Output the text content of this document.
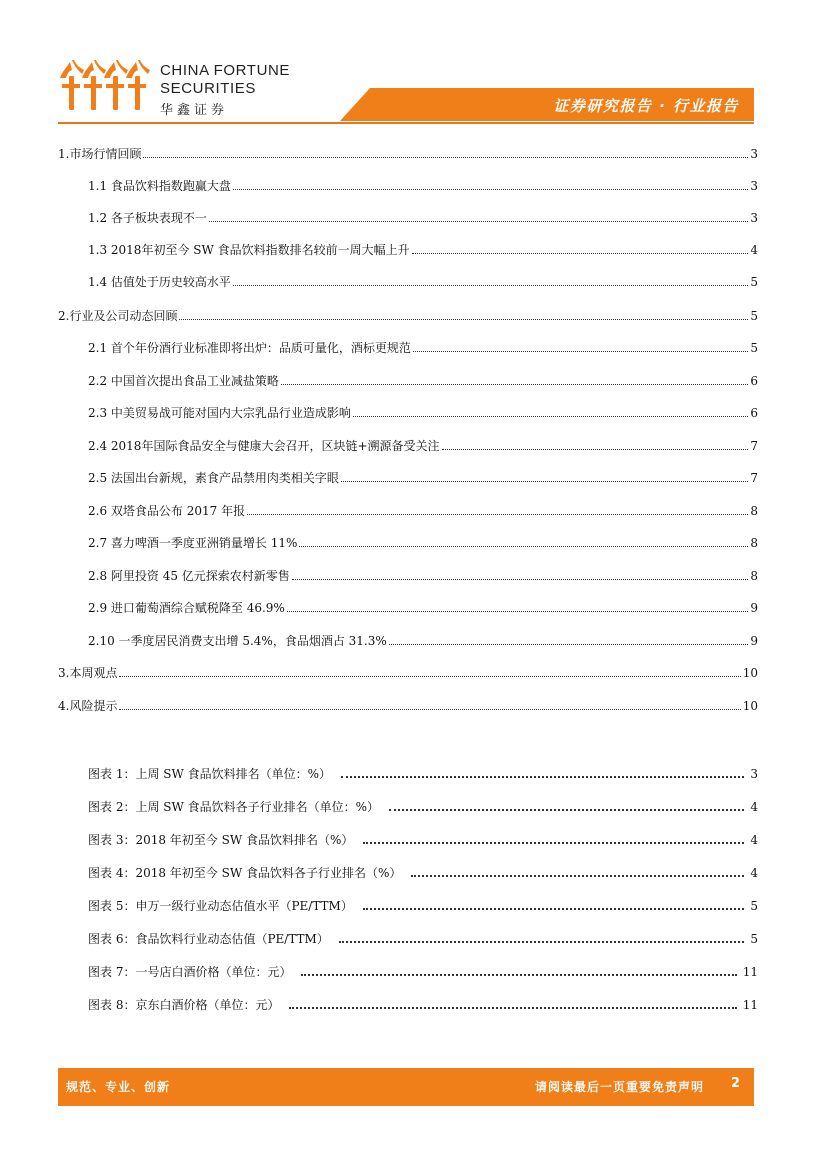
CHINA FORTUNE
SECURITIES
华鑫证券	证券研究报告 · 行业报告
1.市场行情回顾	3
1.1 食品饮料指数跑赢大盘	3
1.2 各子板块表现不一	3
1.3 2018年初至今 SW 食品饮料指数排名较前一周大幅上升	4
1.4 估值处于历史较高水平	5
2.行业及公司动态回顾	5
2.1 首个年份酒行业标准即将出炉：品质可量化，酒标更规范	5
2.2 中国首次提出食品工业减盐策略	6
2.3 中美贸易战可能对国内大宗乳品行业造成影响	6
2.4 2018年国际食品安全与健康大会召开，区块链+溯源备受关注	7
2.5 法国出台新规，素食产品禁用肉类相关字眼	7
2.6 双塔食品公布 2017 年报	8
2.7 喜力啤酒一季度亚洲销量增长 11%	8
2.8 阿里投资 45 亿元探索农村新零售	8
2.9 进口葡萄酒综合赋税降至 46.9%	9
2.10 一季度居民消费支出增 5.4%，食品烟酒占 31.3%	9
3.本周观点	10
4.风险提示	10
图表 1：上周 SW 食品饮料排名（单位：%）	3
图表 2：上周 SW 食品饮料各子行业排名（单位：%）	4
图表 3：2018 年初至今 SW 食品饮料排名（%）	4
图表 4：2018 年初至今 SW 食品饮料各子行业排名（%）	4
图表 5：申万一级行业动态估值水平（PE/TTM）	5
图表 6：食品饮料行业动态估值（PE/TTM）	5
图表 7：一号店白酒价格（单位：元）	11
图表 8：京东白酒价格（单位：元）	11
规范、专业、创新	请阅读最后一页重要免责声明 2
